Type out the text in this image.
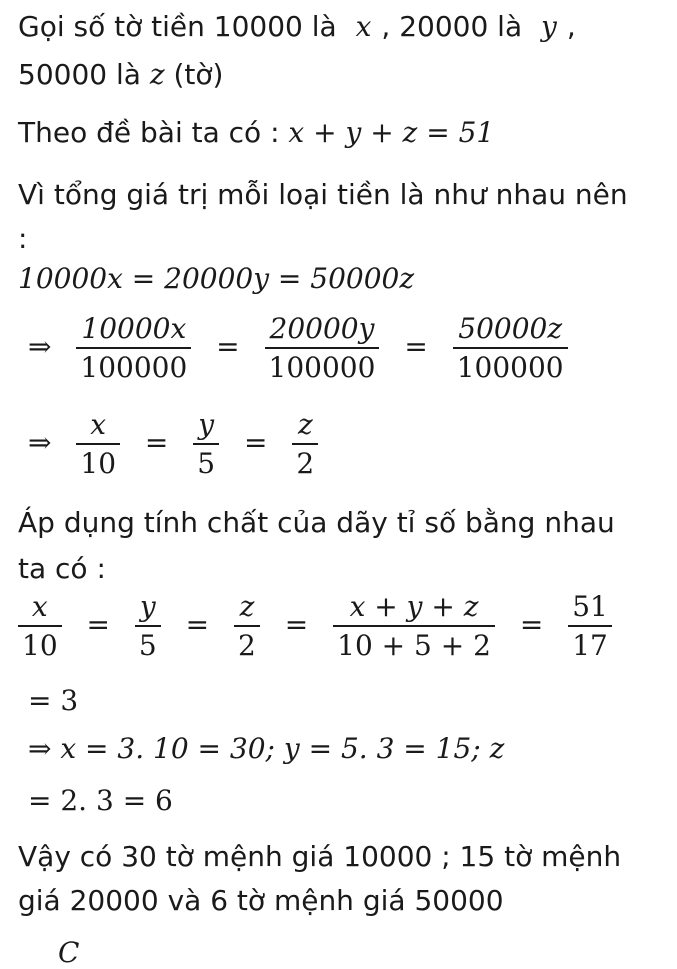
Gọi số tờ tiền 10000 là x , 20000 là y ,
50000 là z (tờ)
Theo đề bài ta có : x + y + z = 51
Vì tổng giá trị mỗi loại tiền là như nhau nên
:
10000x = 20000y = 50000z
⇒ $\frac{10000x}{100000} = \frac{20000y}{100000} = \frac{50000z}{100000}$
⇒ $\frac{x}{10} = \frac{y}{5} = \frac{z}{2}$
Áp dụng tính chất của dãy tỉ số bằng nhau
ta có :
$\frac{x}{10} = \frac{y}{5} = \frac{z}{2} = \frac{x + y + z}{10 + 5 + 2} = \frac{51}{17}$
= 3
⇒ x = 3. 10 = 30; y = 5. 3 = 15; z
= 2. 3 = 6
Vậy có 30 tờ mệnh giá 10000 ; 15 tờ mệnh
giá 20000 và 6 tờ mệnh giá 50000
C
